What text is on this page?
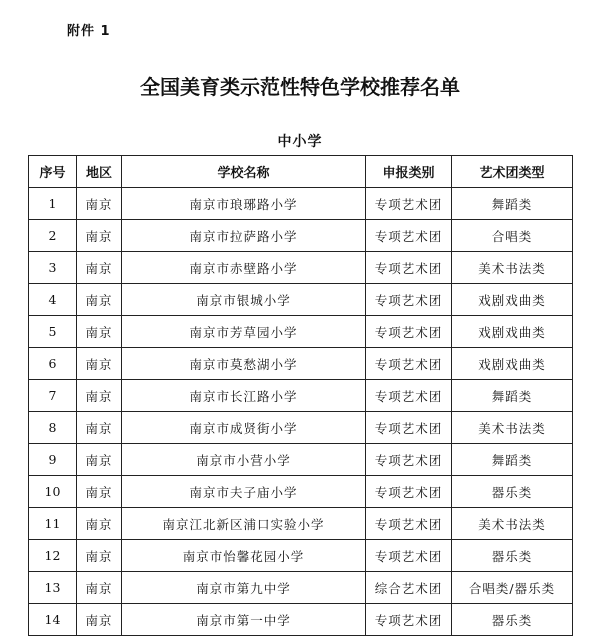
附件 1
全国美育类示范性特色学校推荐名单
中小学
序号	地区	学校名称	申报类别	艺术团类型
1	南京	南京市琅琊路小学	专项艺术团	舞蹈类
2	南京	南京市拉萨路小学	专项艺术团	合唱类
3	南京	南京市赤壁路小学	专项艺术团	美术书法类
4	南京	南京市银城小学	专项艺术团	戏剧戏曲类
5	南京	南京市芳草园小学	专项艺术团	戏剧戏曲类
6	南京	南京市莫愁湖小学	专项艺术团	戏剧戏曲类
7	南京	南京市长江路小学	专项艺术团	舞蹈类
8	南京	南京市成贤街小学	专项艺术团	美术书法类
9	南京	南京市小营小学	专项艺术团	舞蹈类
10	南京	南京市夫子庙小学	专项艺术团	器乐类
11	南京	南京江北新区浦口实验小学	专项艺术团	美术书法类
12	南京	南京市怡馨花园小学	专项艺术团	器乐类
13	南京	南京市第九中学	综合艺术团	合唱类/器乐类
14	南京	南京市第一中学	专项艺术团	器乐类
